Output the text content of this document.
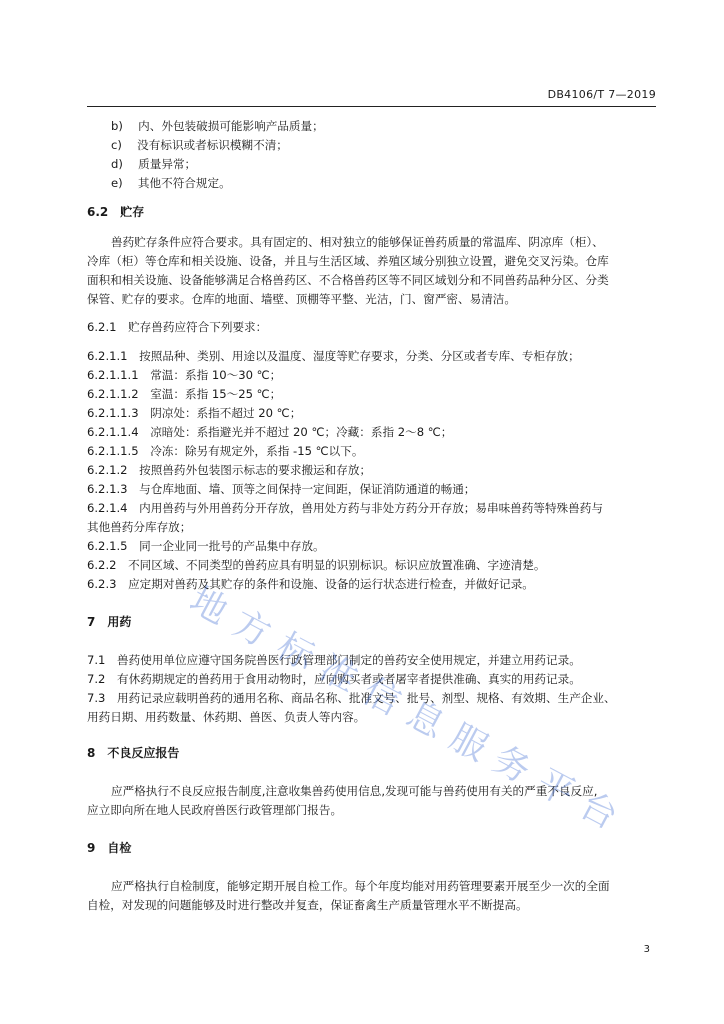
DB4106/T 7—2019
b)　 内、外包装破损可能影响产品质量；
c)　 没有标识或者标识模糊不清；
d)　 质量异常；
e)　 其他不符合规定。
6.2　贮存
兽药贮存条件应符合要求。具有固定的、相对独立的能够保证兽药质量的常温库、阴凉库（柜）、
冷库（柜）等仓库和相关设施、设备，并且与生活区域、养殖区域分别独立设置，避免交叉污染。仓库
面积和相关设施、设备能够满足合格兽药区、不合格兽药区等不同区域划分和不同兽药品种分区、分类
保管、贮存的要求。仓库的地面、墙壁、顶棚等平整、光洁，门、窗严密、易清洁。
6.2.1　贮存兽药应符合下列要求：
6.2.1.1　按照品种、类别、用途以及温度、湿度等贮存要求，分类、分区或者专库、专柜存放；
6.2.1.1.1　常温：系指 10～30 ℃；
6.2.1.1.2　室温：系指 15～25 ℃；
6.2.1.1.3　阴凉处：系指不超过 20 ℃；
6.2.1.1.4　凉暗处：系指避光并不超过 20 ℃；冷藏：系指 2～8 ℃；
6.2.1.1.5　冷冻：除另有规定外，系指 -15 ℃以下。
6.2.1.2　按照兽药外包装图示标志的要求搬运和存放；
6.2.1.3　与仓库地面、墙、顶等之间保持一定间距，保证消防通道的畅通；
6.2.1.4　内用兽药与外用兽药分开存放，兽用处方药与非处方药分开存放；易串味兽药等特殊兽药与
其他兽药分库存放；
6.2.1.5　同一企业同一批号的产品集中存放。
6.2.2　不同区域、不同类型的兽药应具有明显的识别标识。标识应放置准确、字迹清楚。
6.2.3　应定期对兽药及其贮存的条件和设施、设备的运行状态进行检查，并做好记录。
7　用药
7.1　兽药使用单位应遵守国务院兽医行政管理部门制定的兽药安全使用规定，并建立用药记录。
7.2　有休药期规定的兽药用于食用动物时，应向购买者或者屠宰者提供准确、真实的用药记录。
7.3　用药记录应载明兽药的通用名称、商品名称、批准文号、批号、剂型、规格、有效期、生产企业、
用药日期、用药数量、休药期、兽医、负责人等内容。
8　不良反应报告
应严格执行不良反应报告制度,注意收集兽药使用信息,发现可能与兽药使用有关的严重不良反应,
应立即向所在地人民政府兽医行政管理部门报告。
9　自检
应严格执行自检制度，能够定期开展自检工作。每个年度均能对用药管理要素开展至少一次的全面
自检，对发现的问题能够及时进行整改并复查，保证畜禽生产质量管理水平不断提高。
3
地
方
标
准
信
息
服
务
平
台
